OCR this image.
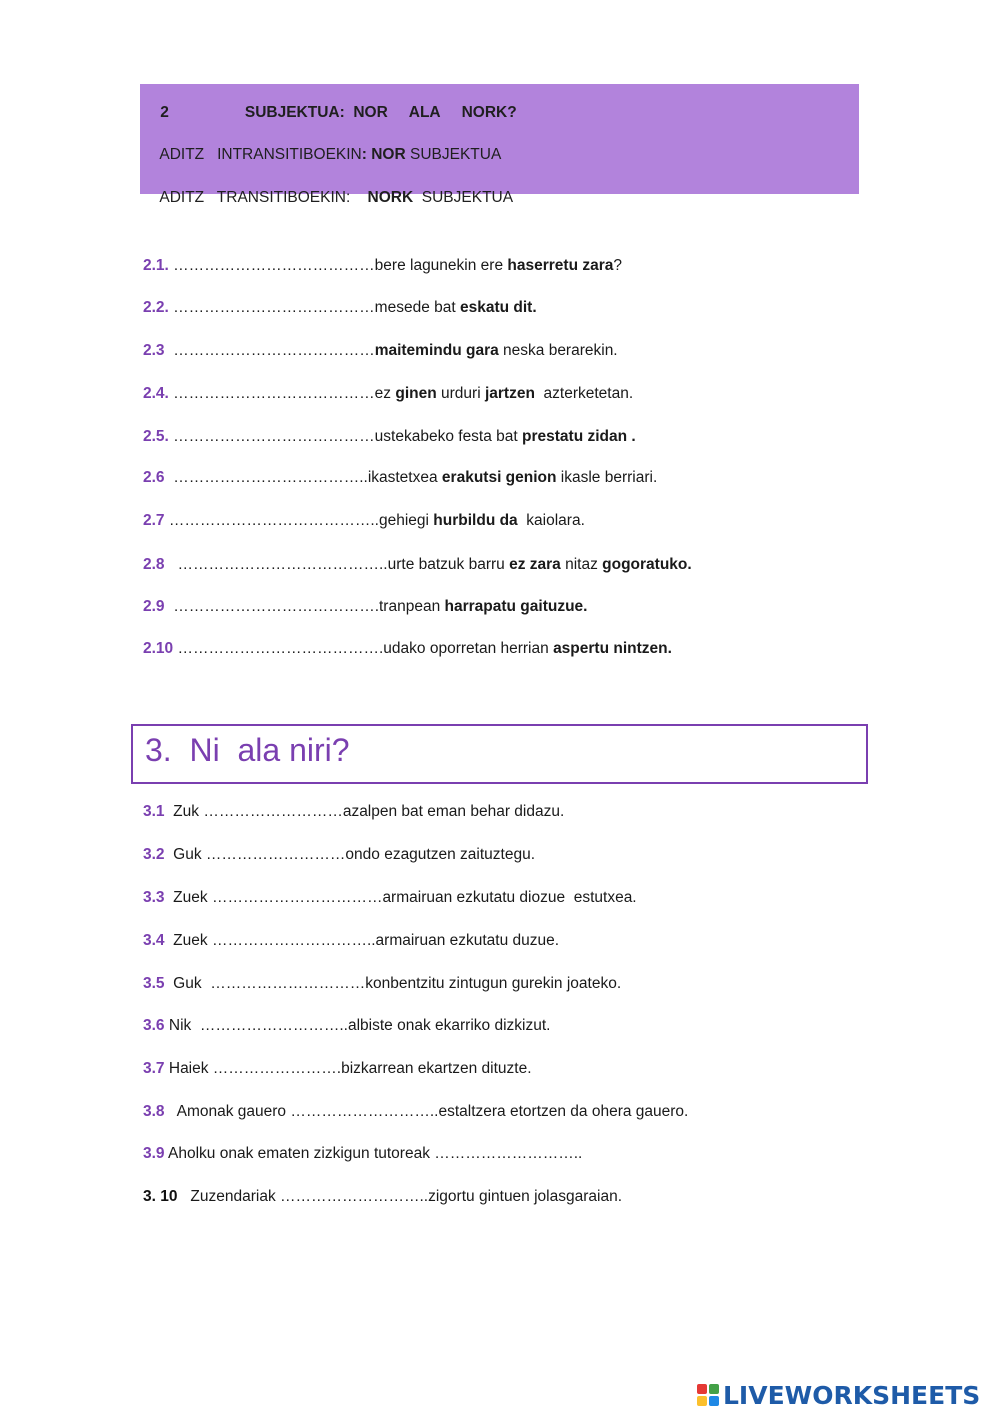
2	SUBJEKTUA:  NOR     ALA     NORK?

ADITZ   INTRANSITIBOEKIN: NOR SUBJEKTUA

ADITZ   TRANSITIBOEKIN:    NORK  SUBJEKTUA

2.1. …………………………………bere lagunekin ere haserretu zara?
2.2. …………………………………mesede bat eskatu dit.
2.3 …………………………………maitemindu gara neska berarekin.
2.4. …………………………………ez ginen urduri jartzen  azterketetan.
2.5. …………………………………ustekabeko festa bat prestatu zidan .
2.6 ………………………………..ikastetxea erakutsi genion ikasle berriari.
2.7 …………………………………..gehiegi hurbildu da  kaiolara.
2.8 …………………………………..urte batzuk barru ez zara nitaz gogoratuko.
2.9 ………………………………….tranpean harrapatu gaituzue.
2.10 ………………………………….udako oporretan herrian aspertu nintzen.
3.  Ni  ala niri?
3.1  Zuk ………………………azalpen bat eman behar didazu.
3.2  Guk ………………………ondo ezagutzen zaituztegu.
3.3  Zuek ……………………………armairuan ezkutatu diozue  estutxea.
3.4  Zuek …………………………..armairuan ezkutatu duzue.
3.5  Guk  …………………………konbentzitu zintugun gurekin joateko.
3.6 Nik  ………………………..albiste onak ekarriko dizkizut.
3.7 Haiek …………………….bizkarrean ekartzen dituzte.
3.8   Amonak gauero ………………………..estaltzera etortzen da ohera gauero.
3.9 Aholku onak ematen zizkigun tutoreak ………………………..
3. 10   Zuzendariak ………………………..zigortu gintuen jolasgaraian.
LIVEWORKSHEETS
